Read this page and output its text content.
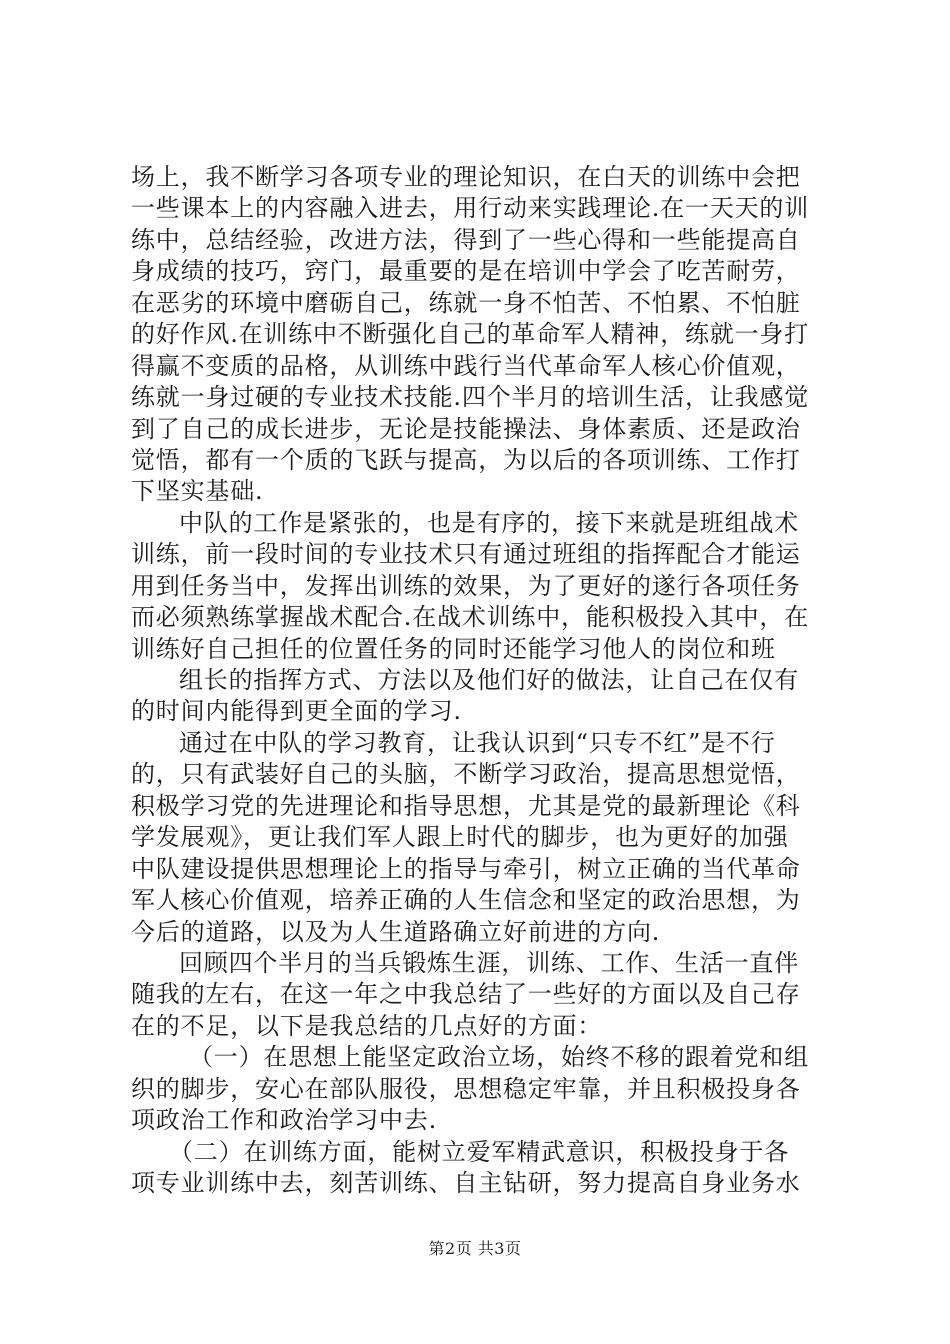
场上，我不断学习各项专业的理论知识，在白天的训练中会把
一些课本上的内容融入进去，用行动来实践理论.在一天天的训
练中，总结经验，改进方法，得到了一些心得和一些能提高自
身成绩的技巧，窍门，最重要的是在培训中学会了吃苦耐劳，
在恶劣的环境中磨砺自己，练就一身不怕苦、不怕累、不怕脏
的好作风.在训练中不断强化自己的革命军人精神，练就一身打
得赢不变质的品格，从训练中践行当代革命军人核心价值观，
练就一身过硬的专业技术技能.四个半月的培训生活，让我感觉
到了自己的成长进步，无论是技能操法、身体素质、还是政治
觉悟，都有一个质的飞跃与提高，为以后的各项训练、工作打
下坚实基础.
中队的工作是紧张的，也是有序的，接下来就是班组战术
训练，前一段时间的专业技术只有通过班组的指挥配合才能运
用到任务当中，发挥出训练的效果，为了更好的遂行各项任务
而必须熟练掌握战术配合.在战术训练中，能积极投入其中，在
训练好自己担任的位置任务的同时还能学习他人的岗位和班
组长的指挥方式、方法以及他们好的做法，让自己在仅有
的时间内能得到更全面的学习.
通过在中队的学习教育，让我认识到“只专不红”是不行
的，只有武装好自己的头脑，不断学习政治，提高思想觉悟，
积极学习党的先进理论和指导思想，尤其是党的最新理论《科
学发展观》，更让我们军人跟上时代的脚步，也为更好的加强
中队建设提供思想理论上的指导与牵引，树立正确的当代革命
军人核心价值观，培养正确的人生信念和坚定的政治思想，为
今后的道路，以及为人生道路确立好前进的方向.
回顾四个半月的当兵锻炼生涯，训练、工作、生活一直伴
随我的左右，在这一年之中我总结了一些好的方面以及自己存
在的不足，以下是我总结的几点好的方面：
（一）在思想上能坚定政治立场，始终不移的跟着党和组
织的脚步，安心在部队服役，思想稳定牢靠，并且积极投身各
项政治工作和政治学习中去.
（二）在训练方面，能树立爱军精武意识，积极投身于各
项专业训练中去，刻苦训练、自主钻研，努力提高自身业务水
第2页 共3页
